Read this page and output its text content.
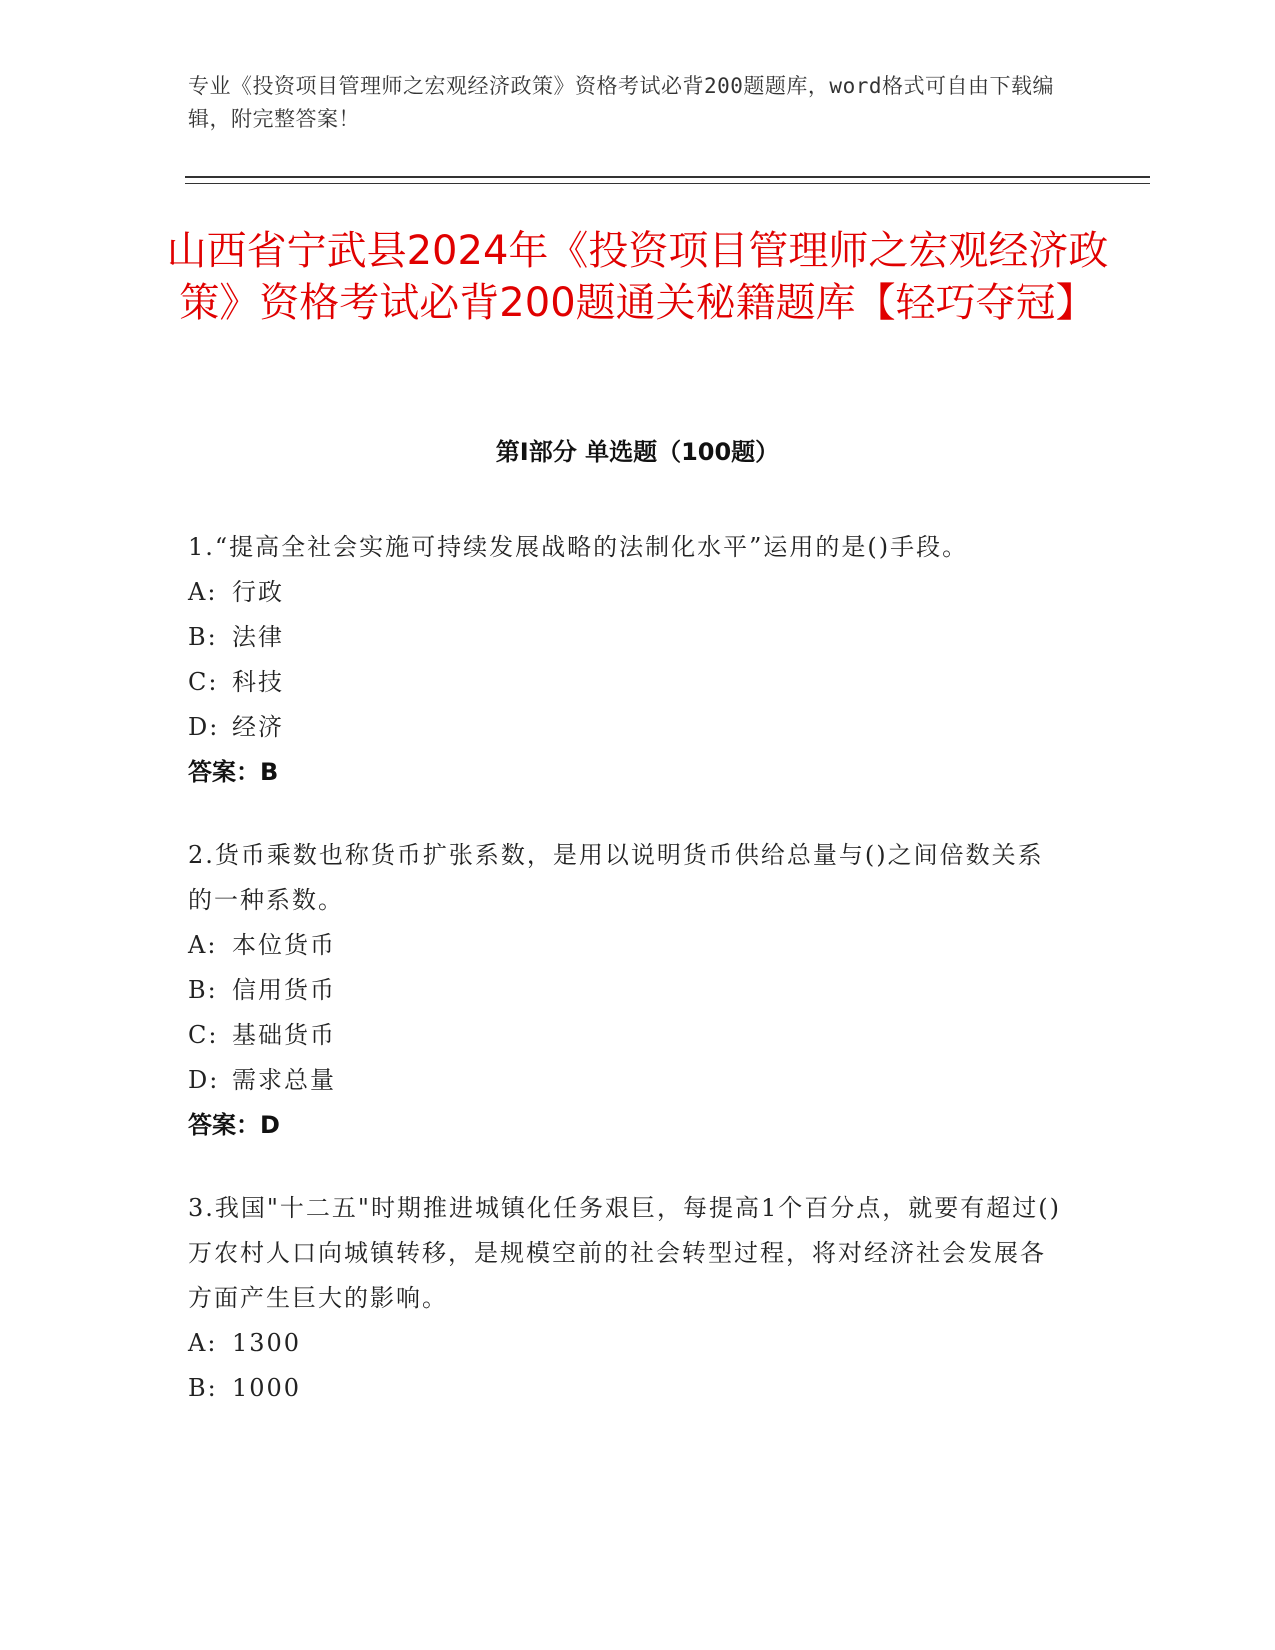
专业《投资项目管理师之宏观经济政策》资格考试必背200题题库，word格式可自由下载编辑，附完整答案！
山西省宁武县2024年《投资项目管理师之宏观经济政策》资格考试必背200题通关秘籍题库【轻巧夺冠】
第I部分 单选题（100题）
1.“提高全社会实施可持续发展战略的法制化水平”运用的是()手段。
A: 行政
B: 法律
C: 科技
D: 经济
答案：B
2.货币乘数也称货币扩张系数，是用以说明货币供给总量与()之间倍数关系的一种系数。
A: 本位货币
B: 信用货币
C: 基础货币
D: 需求总量
答案：D
3.我国"十二五"时期推进城镇化任务艰巨，每提高1个百分点，就要有超过()万农村人口向城镇转移，是规模空前的社会转型过程，将对经济社会发展各方面产生巨大的影响。
A: 1300
B: 1000
